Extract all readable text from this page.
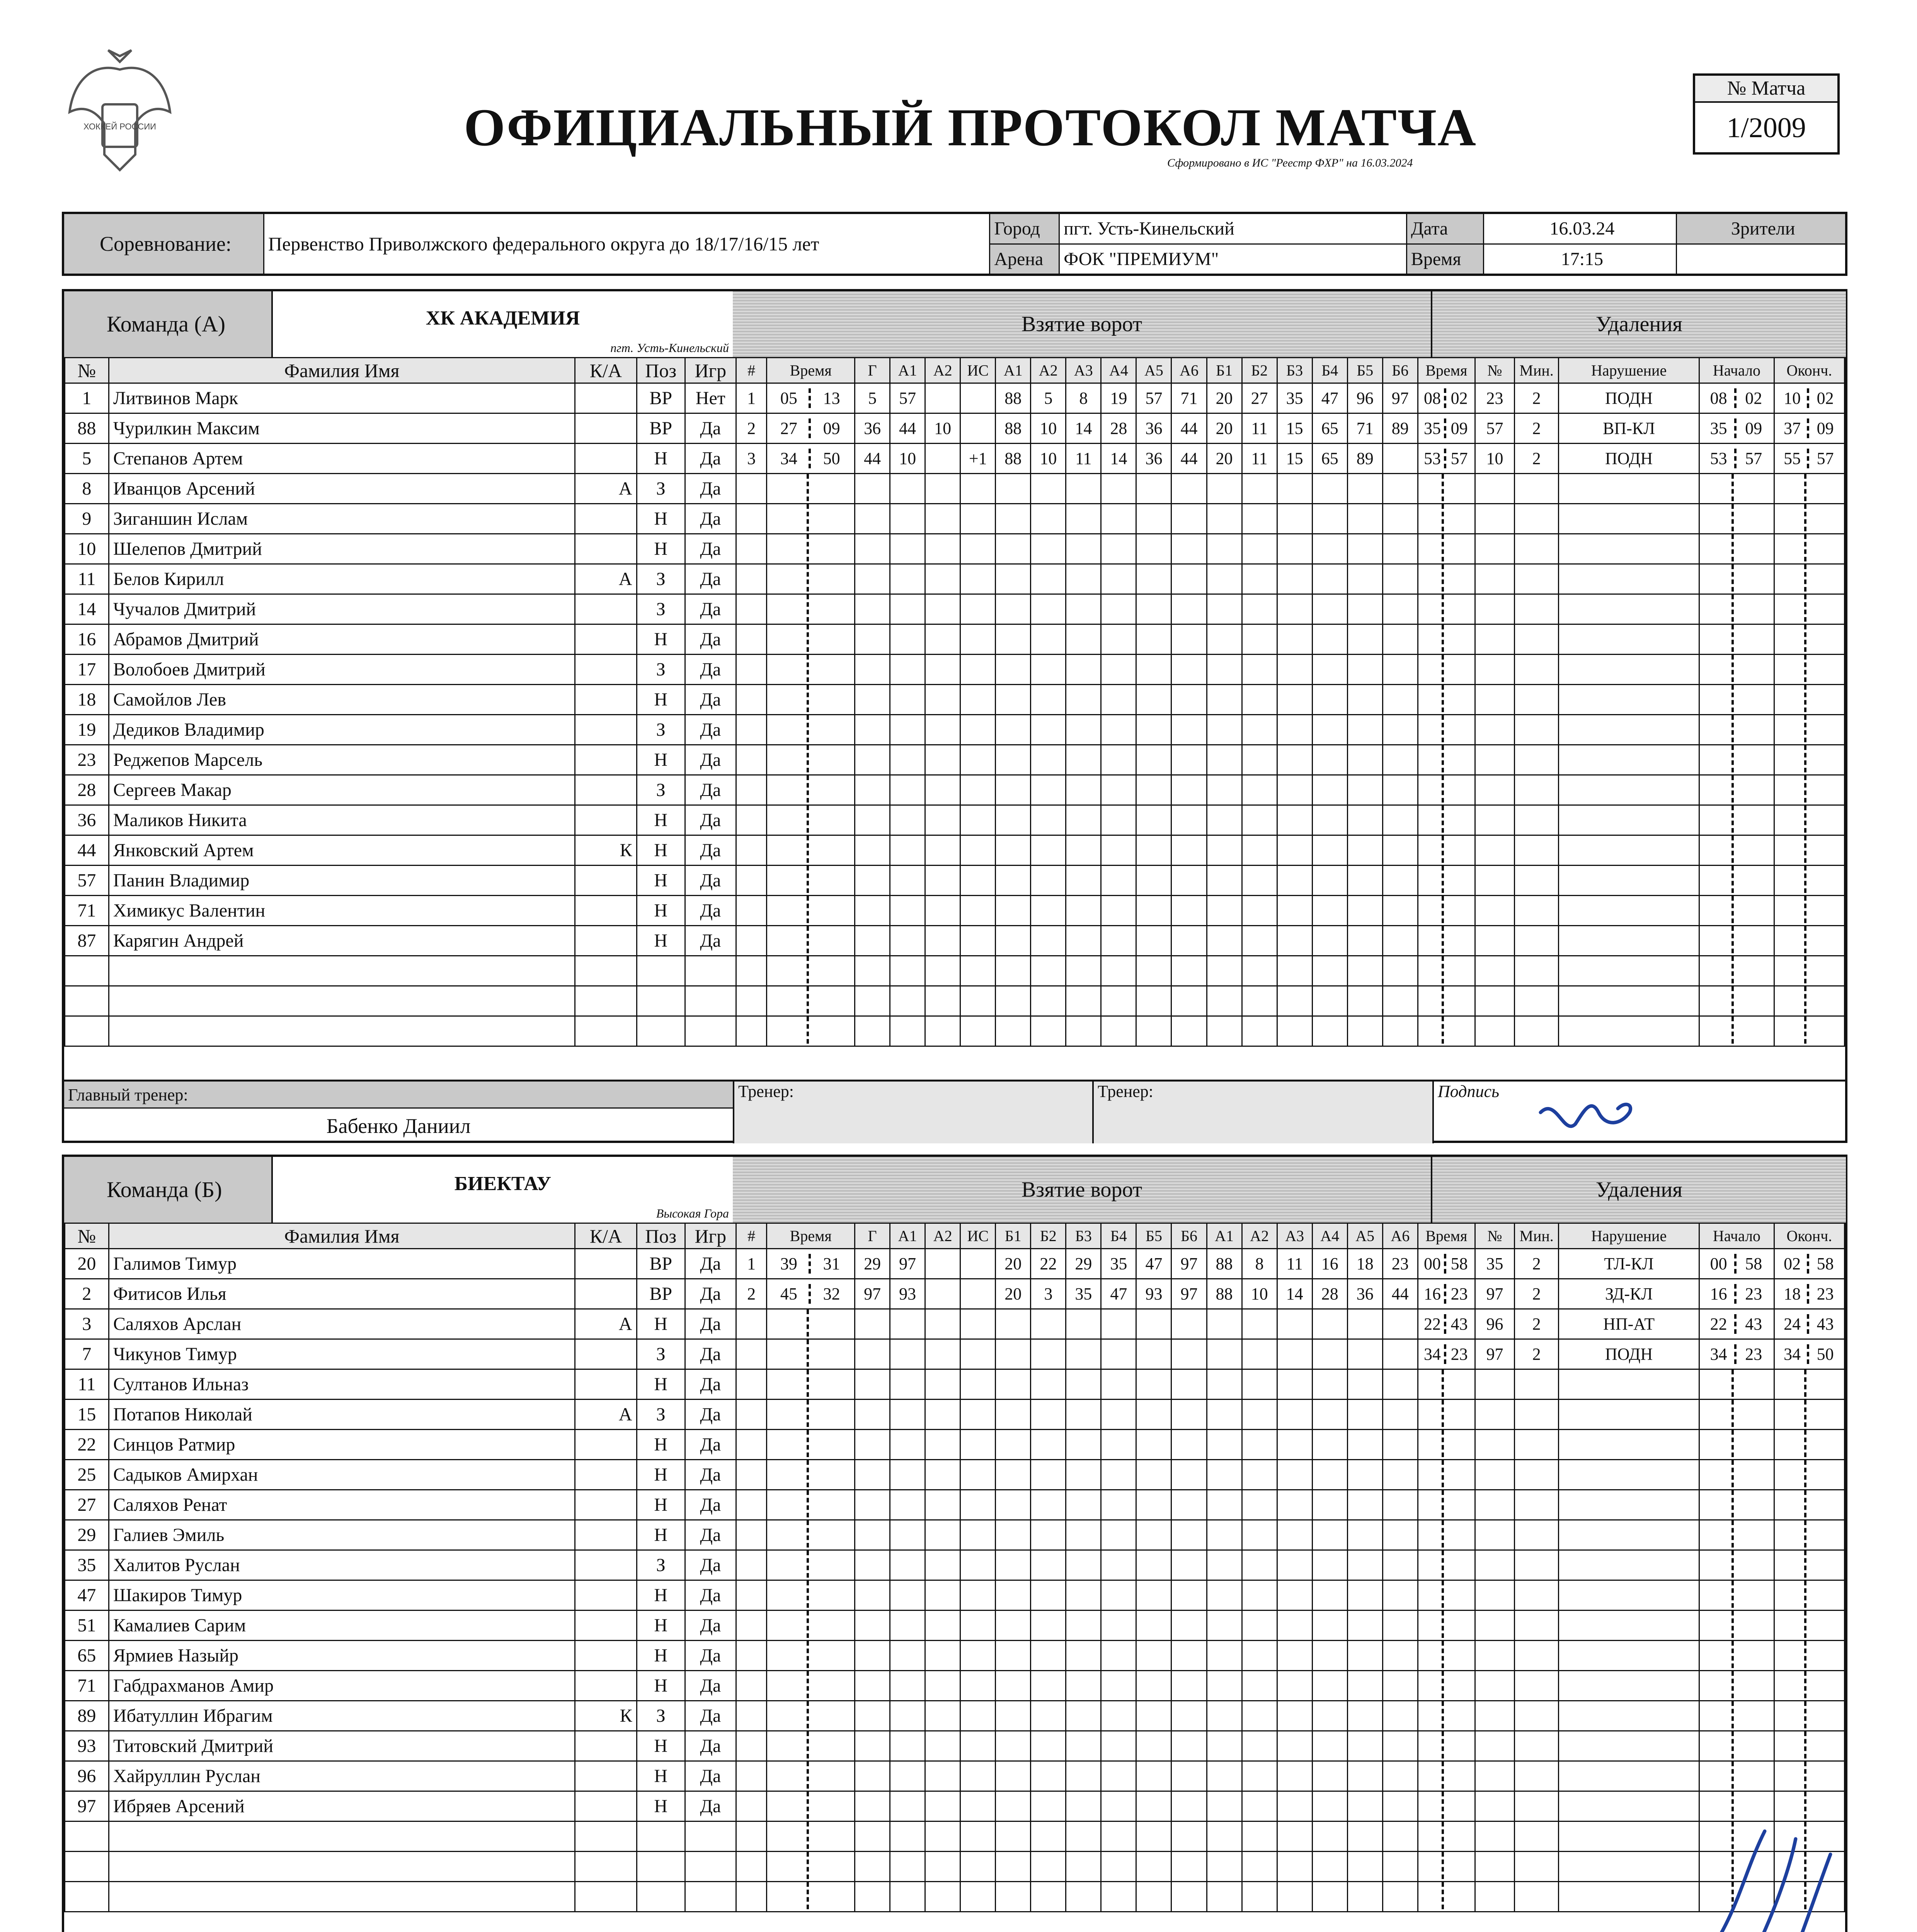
ХОККЕЙ РОССИИ	ОФИЦИАЛЬНЫЙ ПРОТОКОЛ МАТЧА
Сформировано в ИС "Реестр ФХР" на 16.03.2024
№ Матча
1/2009
Соревнование:	Первенство Приволжского федерального округа до 18/17/16/15 лет	Город	пгт. Усть-Кинельский	Дата	16.03.24	Зрители
		Арена	ФОК "ПРЕМИУМ"	Время	17:15	
Команда (А)	ХК АКАДЕМИЯ
пгт. Усть-Кинельский
Взятие ворот	Удаления
№	Фамилия Имя	К/А	Поз	Игр	#	Время	Г	А1	А2	ИС	А1	А2	А3	А4	А5	А6	Б1	Б2	Б3	Б4	Б5	Б6	Время	№	Мин.	Нарушение	Начало	Оконч.
1	Литвинов Марк		ВР	Нет	1	05 13	5	57			88	5	8	19	57	71	20	27	35	47	96	97	08 02	23	2	ПОДН	08 02	10 02
88	Чурилкин Максим		ВР	Да	2	27 09	36	44	10		88	10	14	28	36	44	20	11	15	65	71	89	35 09	57	2	ВП-КЛ	35 09	37 09
5	Степанов Артем		Н	Да	3	34 50	44	10		+1	88	10	11	14	36	44	20	11	15	65	89		53 57	10	2	ПОДН	53 57	55 57
8	Иванцов Арсений	А	З	Да																								
9	Зиганшин Ислам		Н	Да																								
10	Шелепов Дмитрий		Н	Да																								
11	Белов Кирилл	А	З	Да																								
14	Чучалов Дмитрий		З	Да																								
16	Абрамов Дмитрий		Н	Да																								
17	Волобоев Дмитрий		З	Да																								
18	Самойлов Лев		Н	Да																								
19	Дедиков Владимир		З	Да																								
23	Реджепов Марсель		Н	Да																								
28	Сергеев Макар		З	Да																								
36	Маликов Никита		Н	Да																								
44	Янковский Артем	К	Н	Да																								
57	Панин Владимир		Н	Да																								
71	Химикус Валентин		Н	Да																								
87	Карягин Андрей		Н	Да																								

Главный тренер:
Бабенко Даниил
Тренер:	Тренер:	Подпись
Команда (Б)	БИЕКТАУ
Высокая Гора
Взятие ворот	Удаления
№	Фамилия Имя	К/А	Поз	Игр	#	Время	Г	А1	А2	ИС	Б1	Б2	Б3	Б4	Б5	Б6	А1	А2	А3	А4	А5	А6	Время	№	Мин.	Нарушение	Начало	Оконч.
20	Галимов Тимур		ВР	Да	1	39 31	29	97			20	22	29	35	47	97	88	8	11	16	18	23	00 58	35	2	ТЛ-КЛ	00 58	02 58
2	Фитисов Илья		ВР	Да	2	45 32	97	93			20	3	35	47	93	97	88	10	14	28	36	44	16 23	97	2	ЗД-КЛ	16 23	18 23
3	Саляхов Арслан	А	Н	Да																			22 43	96	2	НП-АТ	22 43	24 43
7	Чикунов Тимур		З	Да																			34 23	97	2	ПОДН	34 23	34 50
11	Султанов Ильназ		Н	Да																								
15	Потапов Николай	А	З	Да																								
22	Синцов Ратмир		Н	Да																								
25	Садыков Амирхан		Н	Да																								
27	Саляхов Ренат		Н	Да																								
29	Галиев Эмиль		Н	Да																								
35	Халитов Руслан		З	Да																								
47	Шакиров Тимур		Н	Да																								
51	Камалиев Сарим		Н	Да																								
65	Ярмиев Назыйр		Н	Да																								
71	Габдрахманов Амир		Н	Да																								
89	Ибатуллин Ибрагим	К	З	Да																								
93	Титовский Дмитрий		Н	Да																								
96	Хайруллин Руслан		Н	Да																								
97	Ибряев Арсений		Н	Да																								
